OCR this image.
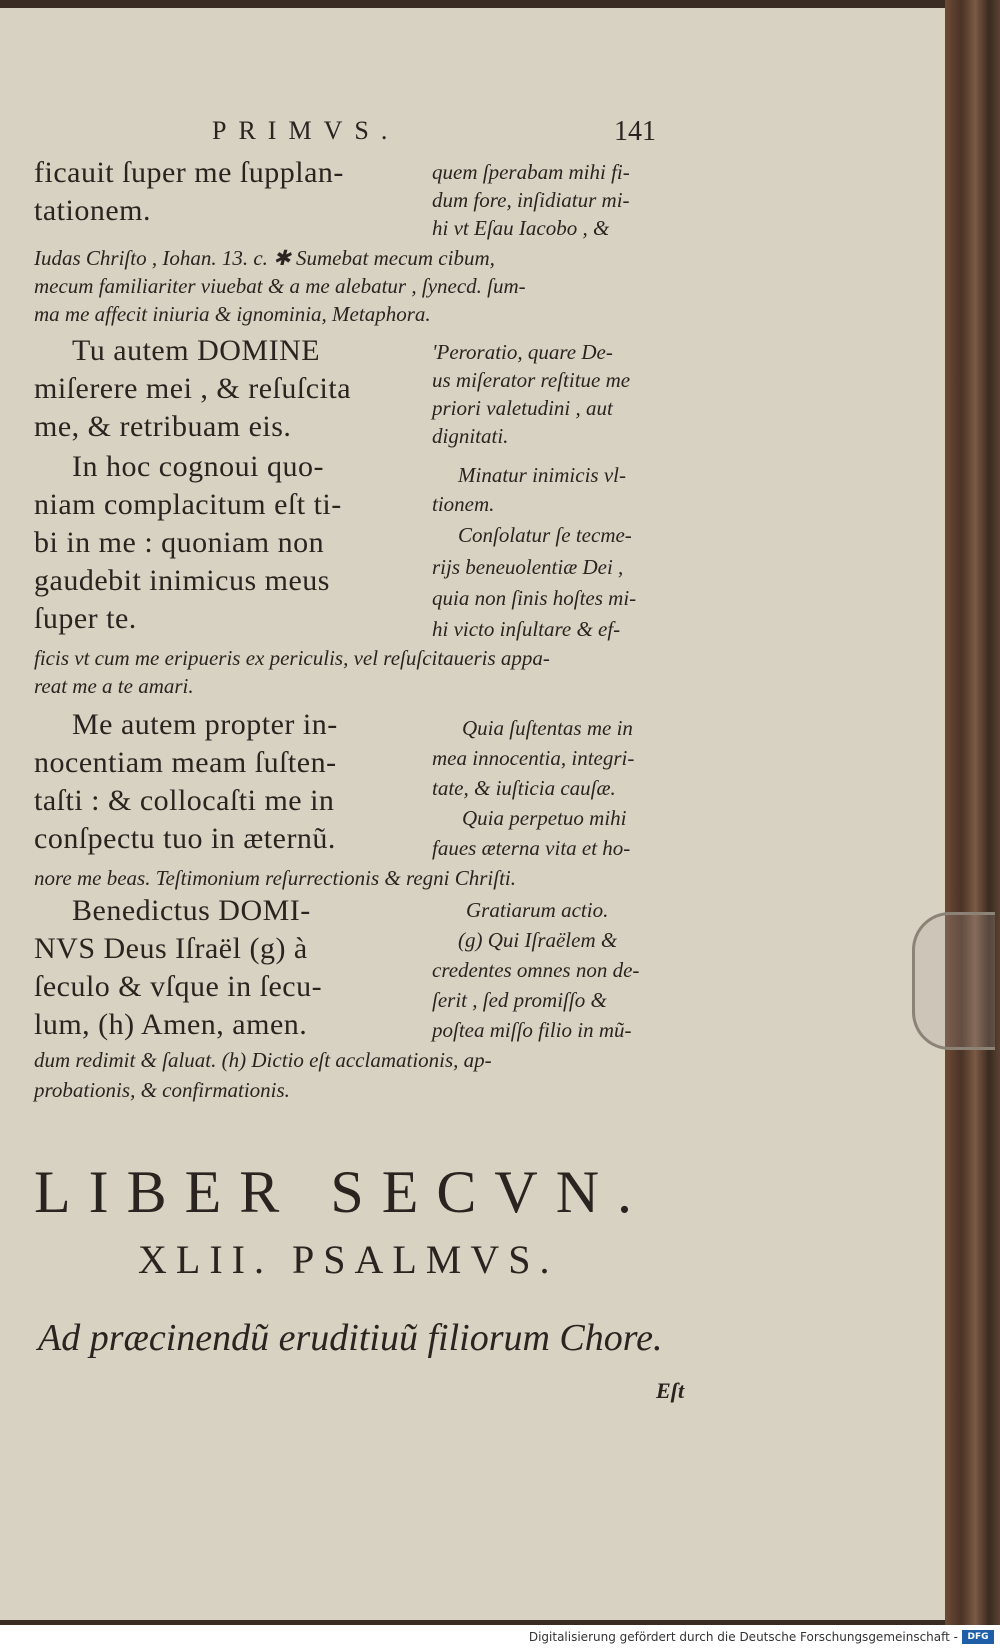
PRIMVS.	141
ficauit ſuper me ſupplan-
tationem.
quem ſperabam mihi fi-
dum fore, inſidiatur mi-
hi vt Eſau Iacobo , &
Iudas Chriſto , Iohan. 13. c. ✱ Sumebat mecum cibum,
mecum familiariter viuebat & a me alebatur , ſynecd. ſum-
ma me affecit iniuria & ignominia, Metaphora.
Tu autem DOMINE
miſerere mei , & reſuſcita
me, & retribuam eis.
'Peroratio, quare De-
us miſerator reſtitue me
priori valetudini , aut
dignitati.
In hoc cognoui quo-
niam complacitum eſt ti-
bi in me : quoniam non
gaudebit inimicus meus
ſuper te.
Minatur inimicis vl-
tionem.
Conſolatur ſe tecme-
rijs beneuolentiæ Dei ,
quia non ſinis hoſtes mi-
hi victo inſultare & ef-
ficis vt cum me eripueris ex periculis, vel reſuſcitaueris appa-
reat me a te amari.
Me autem propter in-
nocentiam meam ſuſten-
taſti : & collocaſti me in
conſpectu tuo in æternũ.
Quia ſuſtentas me in
mea innocentia, integri-
tate, & iuſticia cauſæ.
Quia perpetuo mihi
faues æterna vita et ho-
nore me beas. Teſtimonium reſurrectionis & regni Chriſti.
Benedictus DOMI-
NVS Deus Iſraël (g) à
ſeculo & vſque in ſecu-
lum, (h) Amen, amen.
Gratiarum actio.
(g) Qui Iſraëlem &
credentes omnes non de-
ſerit , ſed promiſſo &
poſtea miſſo filio in mũ-
dum redimit & ſaluat. (h) Dictio eſt acclamationis, ap-
probationis, & confirmationis.
LIBER SECVN.
XLII. PSALMVS.
Ad præcinendũ eruditiuũ filiorum Chore.
Eſt
Digitalisierung gefördert durch die Deutsche Forschungsgemeinschaft -	DFG
